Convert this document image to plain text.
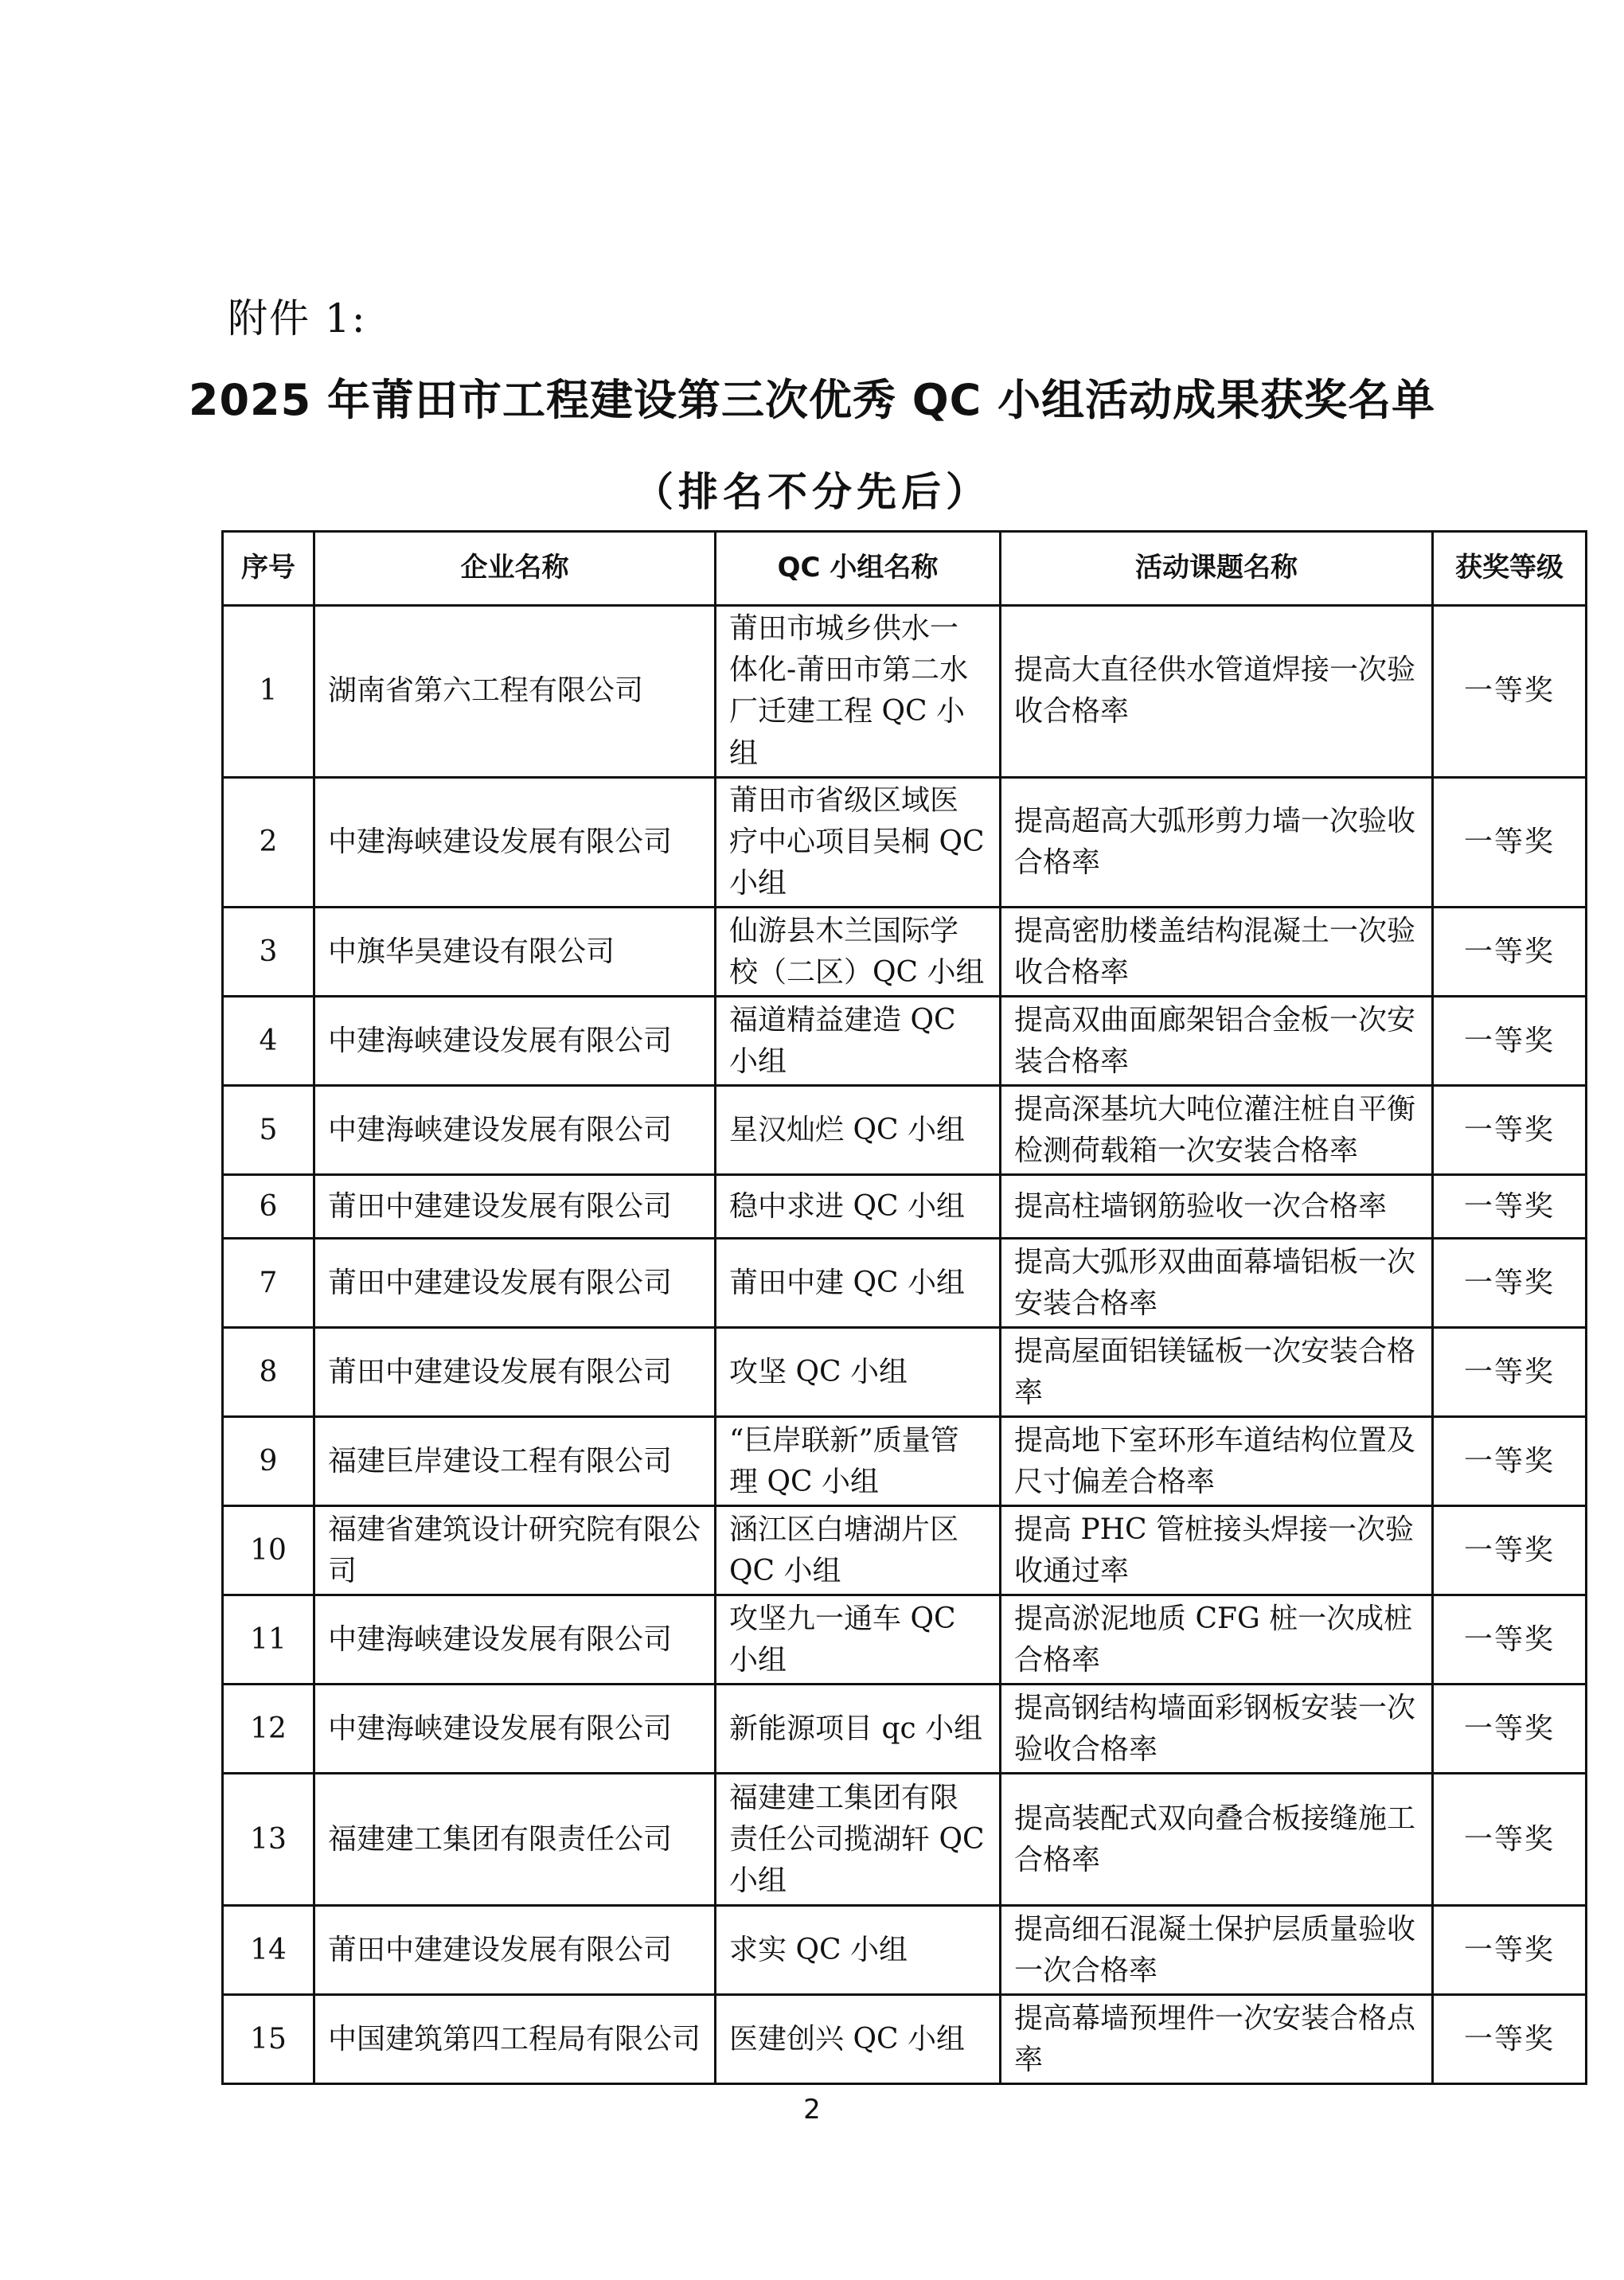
附件 1:
2025 年莆田市工程建设第三次优秀 QC 小组活动成果获奖名单
（排名不分先后）
序号	企业名称	QC 小组名称	活动课题名称	获奖等级
1	湖南省第六工程有限公司	莆田市城乡供水一体化-莆田市第二水厂迁建工程 QC 小组	提高大直径供水管道焊接一次验收合格率	一等奖
2	中建海峡建设发展有限公司	莆田市省级区域医疗中心项目吴桐 QC 小组	提高超高大弧形剪力墙一次验收合格率	一等奖
3	中旗华昊建设有限公司	仙游县木兰国际学校（二区）QC 小组	提高密肋楼盖结构混凝土一次验收合格率	一等奖
4	中建海峡建设发展有限公司	福道精益建造 QC 小组	提高双曲面廊架铝合金板一次安装合格率	一等奖
5	中建海峡建设发展有限公司	星汉灿烂 QC 小组	提高深基坑大吨位灌注桩自平衡检测荷载箱一次安装合格率	一等奖
6	莆田中建建设发展有限公司	稳中求进 QC 小组	提高柱墙钢筋验收一次合格率	一等奖
7	莆田中建建设发展有限公司	莆田中建 QC 小组	提高大弧形双曲面幕墙铝板一次安装合格率	一等奖
8	莆田中建建设发展有限公司	攻坚 QC 小组	提高屋面铝镁锰板一次安装合格率	一等奖
9	福建巨岸建设工程有限公司	“巨岸联新”质量管理 QC 小组	提高地下室环形车道结构位置及尺寸偏差合格率	一等奖
10	福建省建筑设计研究院有限公司	涵江区白塘湖片区 QC 小组	提高 PHC 管桩接头焊接一次验收通过率	一等奖
11	中建海峡建设发展有限公司	攻坚九一通车 QC 小组	提高淤泥地质 CFG 桩一次成桩合格率	一等奖
12	中建海峡建设发展有限公司	新能源项目 qc 小组	提高钢结构墙面彩钢板安装一次验收合格率	一等奖
13	福建建工集团有限责任公司	福建建工集团有限责任公司揽湖轩 QC 小组	提高装配式双向叠合板接缝施工合格率	一等奖
14	莆田中建建设发展有限公司	求实 QC 小组	提高细石混凝土保护层质量验收一次合格率	一等奖
15	中国建筑第四工程局有限公司	医建创兴 QC 小组	提高幕墙预埋件一次安装合格点率	一等奖
2
